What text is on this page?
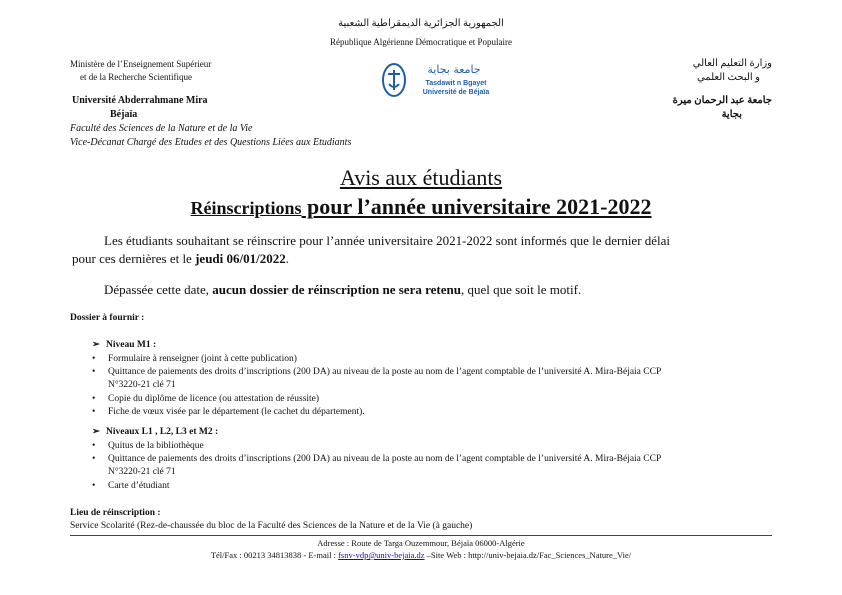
الجمهورية الجزائرية الديمقراطية الشعبية
République Algérienne Démocratique et Populaire
Ministère de l’Enseignement Supérieur
et de la Recherche Scientifique
Université Abderrahmane Mira
Béjaïa
Faculté des Sciences de la Nature et de la Vie
Vice-Décanat Chargé des Etudes et des Questions Liées aux Etudiants
وزارة التعليم العالي
و البحث العلمي
جامعة عبد الرحمان ميرة
بجاية
جامعة بجاية
Tasdawit n Bgayet
Université de Béjaïa
Avis aux étudiants
Réinscriptions pour l’année universitaire 2021-2022
Les étudiants souhaitant se réinscrire pour l’année universitaire 2021-2022 sont informés que le dernier délai
pour ces dernières et le jeudi 06/01/2022.
Dépassée cette date, aucun dossier de réinscription ne sera retenu, quel que soit le motif.
Dossier à fournir :
➢ Niveau M1 :
• Formulaire à renseigner (joint à cette publication)
• Quittance de paiements des droits d’inscriptions (200 DA) au niveau de la poste au nom de l’agent comptable de l’université A. Mira-Béjaia CCP
N°3220-21 clé 71
• Copie du diplôme de licence (ou attestation de réussite)
• Fiche de vœux visée par le département (le cachet du département).
➢ Niveaux L1 , L2, L3 et M2 :
• Quitus de la bibliothèque
• Quittance de paiements des droits d’inscriptions (200 DA) au niveau de la poste au nom de l’agent comptable de l’université A. Mira-Béjaia CCP
N°3220-21 clé 71
• Carte d’étudiant
Lieu de réinscription :
Service Scolarité (Rez-de-chaussée du bloc de la Faculté des Sciences de la Nature et de la Vie (à gauche)
Adresse : Route de Targa Ouzemmour, Béjaïa 06000-Algérie
Tél/Fax : 00213 34813838 - E-mail : fsnv-vdp@univ-bejaia.dz –Site Web : http://univ-bejaia.dz/Fac_Sciences_Nature_Vie/
